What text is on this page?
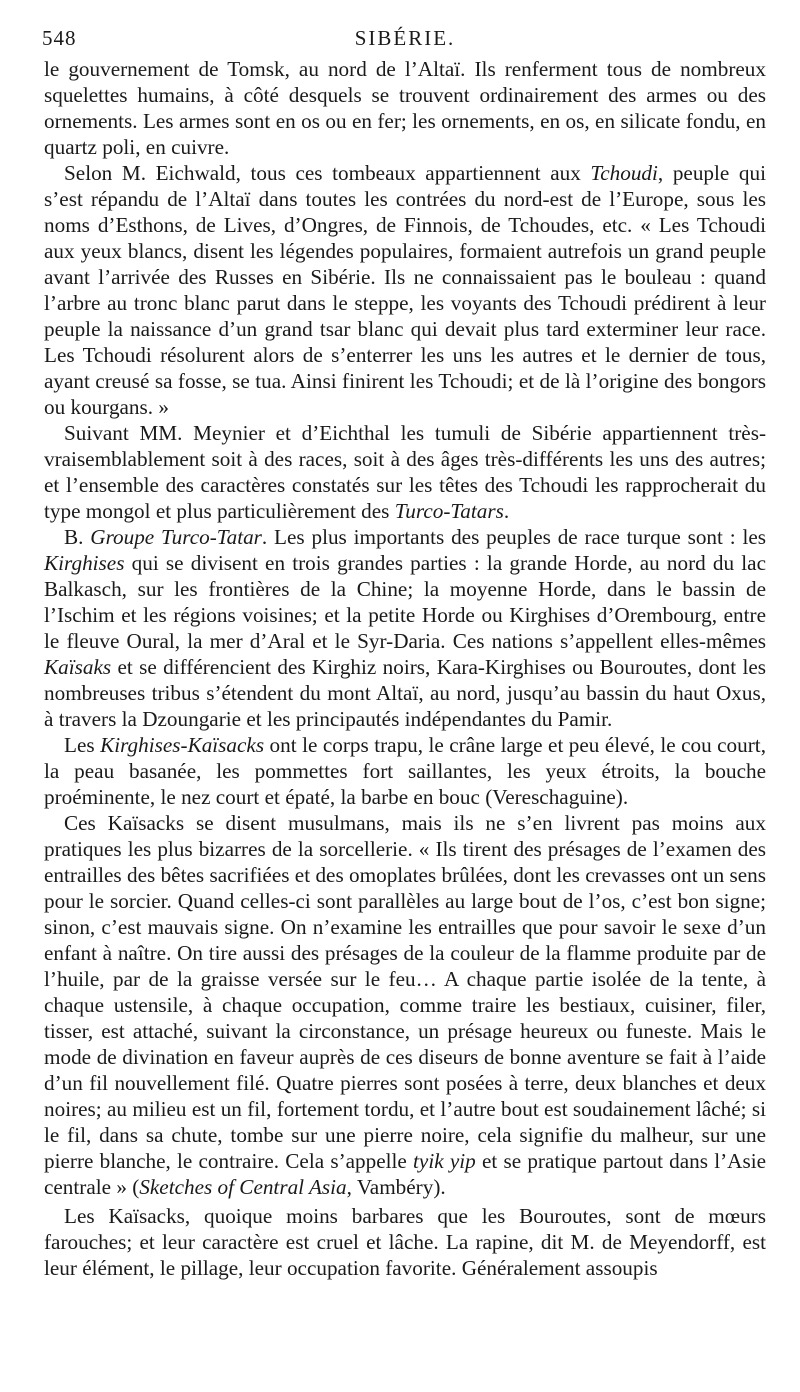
548	SIBÉRIE.

le gouvernement de Tomsk, au nord de l’Altaï. Ils renferment tous de nombreux squelettes humains, à côté desquels se trouvent ordinairement des armes ou des ornements. Les armes sont en os ou en fer; les ornements, en os, en silicate fondu, en quartz poli, en cuivre.

Selon M. Eichwald, tous ces tombeaux appartiennent aux Tchoudi, peuple qui s’est répandu de l’Altaï dans toutes les contrées du nord-est de l’Europe, sous les noms d’Esthons, de Lives, d’Ongres, de Finnois, de Tchoudes, etc. « Les Tchoudi aux yeux blancs, disent les légendes populaires, formaient autrefois un grand peuple avant l’arrivée des Russes en Sibérie. Ils ne connaissaient pas le bouleau : quand l’arbre au tronc blanc parut dans le steppe, les voyants des Tchoudi prédirent à leur peuple la naissance d’un grand tsar blanc qui devait plus tard exterminer leur race. Les Tchoudi résolurent alors de s’enterrer les uns les autres et le dernier de tous, ayant creusé sa fosse, se tua. Ainsi finirent les Tchoudi; et de là l’origine des bongors ou kourgans. »

Suivant MM. Meynier et d’Eichthal les tumuli de Sibérie appartiennent très-vraisemblablement soit à des races, soit à des âges très-différents les uns des autres; et l’ensemble des caractères constatés sur les têtes des Tchoudi les rapprocherait du type mongol et plus particulièrement des Turco-Tatars.

B. Groupe Turco-Tatar. Les plus importants des peuples de race turque sont : les Kirghises qui se divisent en trois grandes parties : la grande Horde, au nord du lac Balkasch, sur les frontières de la Chine; la moyenne Horde, dans le bassin de l’Ischim et les régions voisines; et la petite Horde ou Kirghises d’Orembourg, entre le fleuve Oural, la mer d’Aral et le Syr-Daria. Ces nations s’appellent elles-mêmes Kaïsaks et se différencient des Kirghiz noirs, Kara-Kirghises ou Bouroutes, dont les nombreuses tribus s’étendent du mont Altaï, au nord, jusqu’au bassin du haut Oxus, à travers la Dzoungarie et les principautés indépendantes du Pamir.

Les Kirghises-Kaïsacks ont le corps trapu, le crâne large et peu élevé, le cou court, la peau basanée, les pommettes fort saillantes, les yeux étroits, la bouche proéminente, le nez court et épaté, la barbe en bouc (Vereschaguine).

Ces Kaïsacks se disent musulmans, mais ils ne s’en livrent pas moins aux pratiques les plus bizarres de la sorcellerie. « Ils tirent des présages de l’examen des entrailles des bêtes sacrifiées et des omoplates brûlées, dont les crevasses ont un sens pour le sorcier. Quand celles-ci sont parallèles au large bout de l’os, c’est bon signe; sinon, c’est mauvais signe. On n’examine les entrailles que pour savoir le sexe d’un enfant à naître. On tire aussi des présages de la couleur de la flamme produite par de l’huile, par de la graisse versée sur le feu… A chaque partie isolée de la tente, à chaque ustensile, à chaque occupation, comme traire les bestiaux, cuisiner, filer, tisser, est attaché, suivant la circonstance, un présage heureux ou funeste. Mais le mode de divination en faveur auprès de ces diseurs de bonne aventure se fait à l’aide d’un fil nouvellement filé. Quatre pierres sont posées à terre, deux blanches et deux noires; au milieu est un fil, fortement tordu, et l’autre bout est soudainement lâché; si le fil, dans sa chute, tombe sur une pierre noire, cela signifie du malheur, sur une pierre blanche, le contraire. Cela s’appelle tyik yip et se pratique partout dans l’Asie centrale » (Sketches of Central Asia, Vambéry).

Les Kaïsacks, quoique moins barbares que les Bouroutes, sont de mœurs farouches; et leur caractère est cruel et lâche. La rapine, dit M. de Meyendorff, est leur élément, le pillage, leur occupation favorite. Généralement assoupis
